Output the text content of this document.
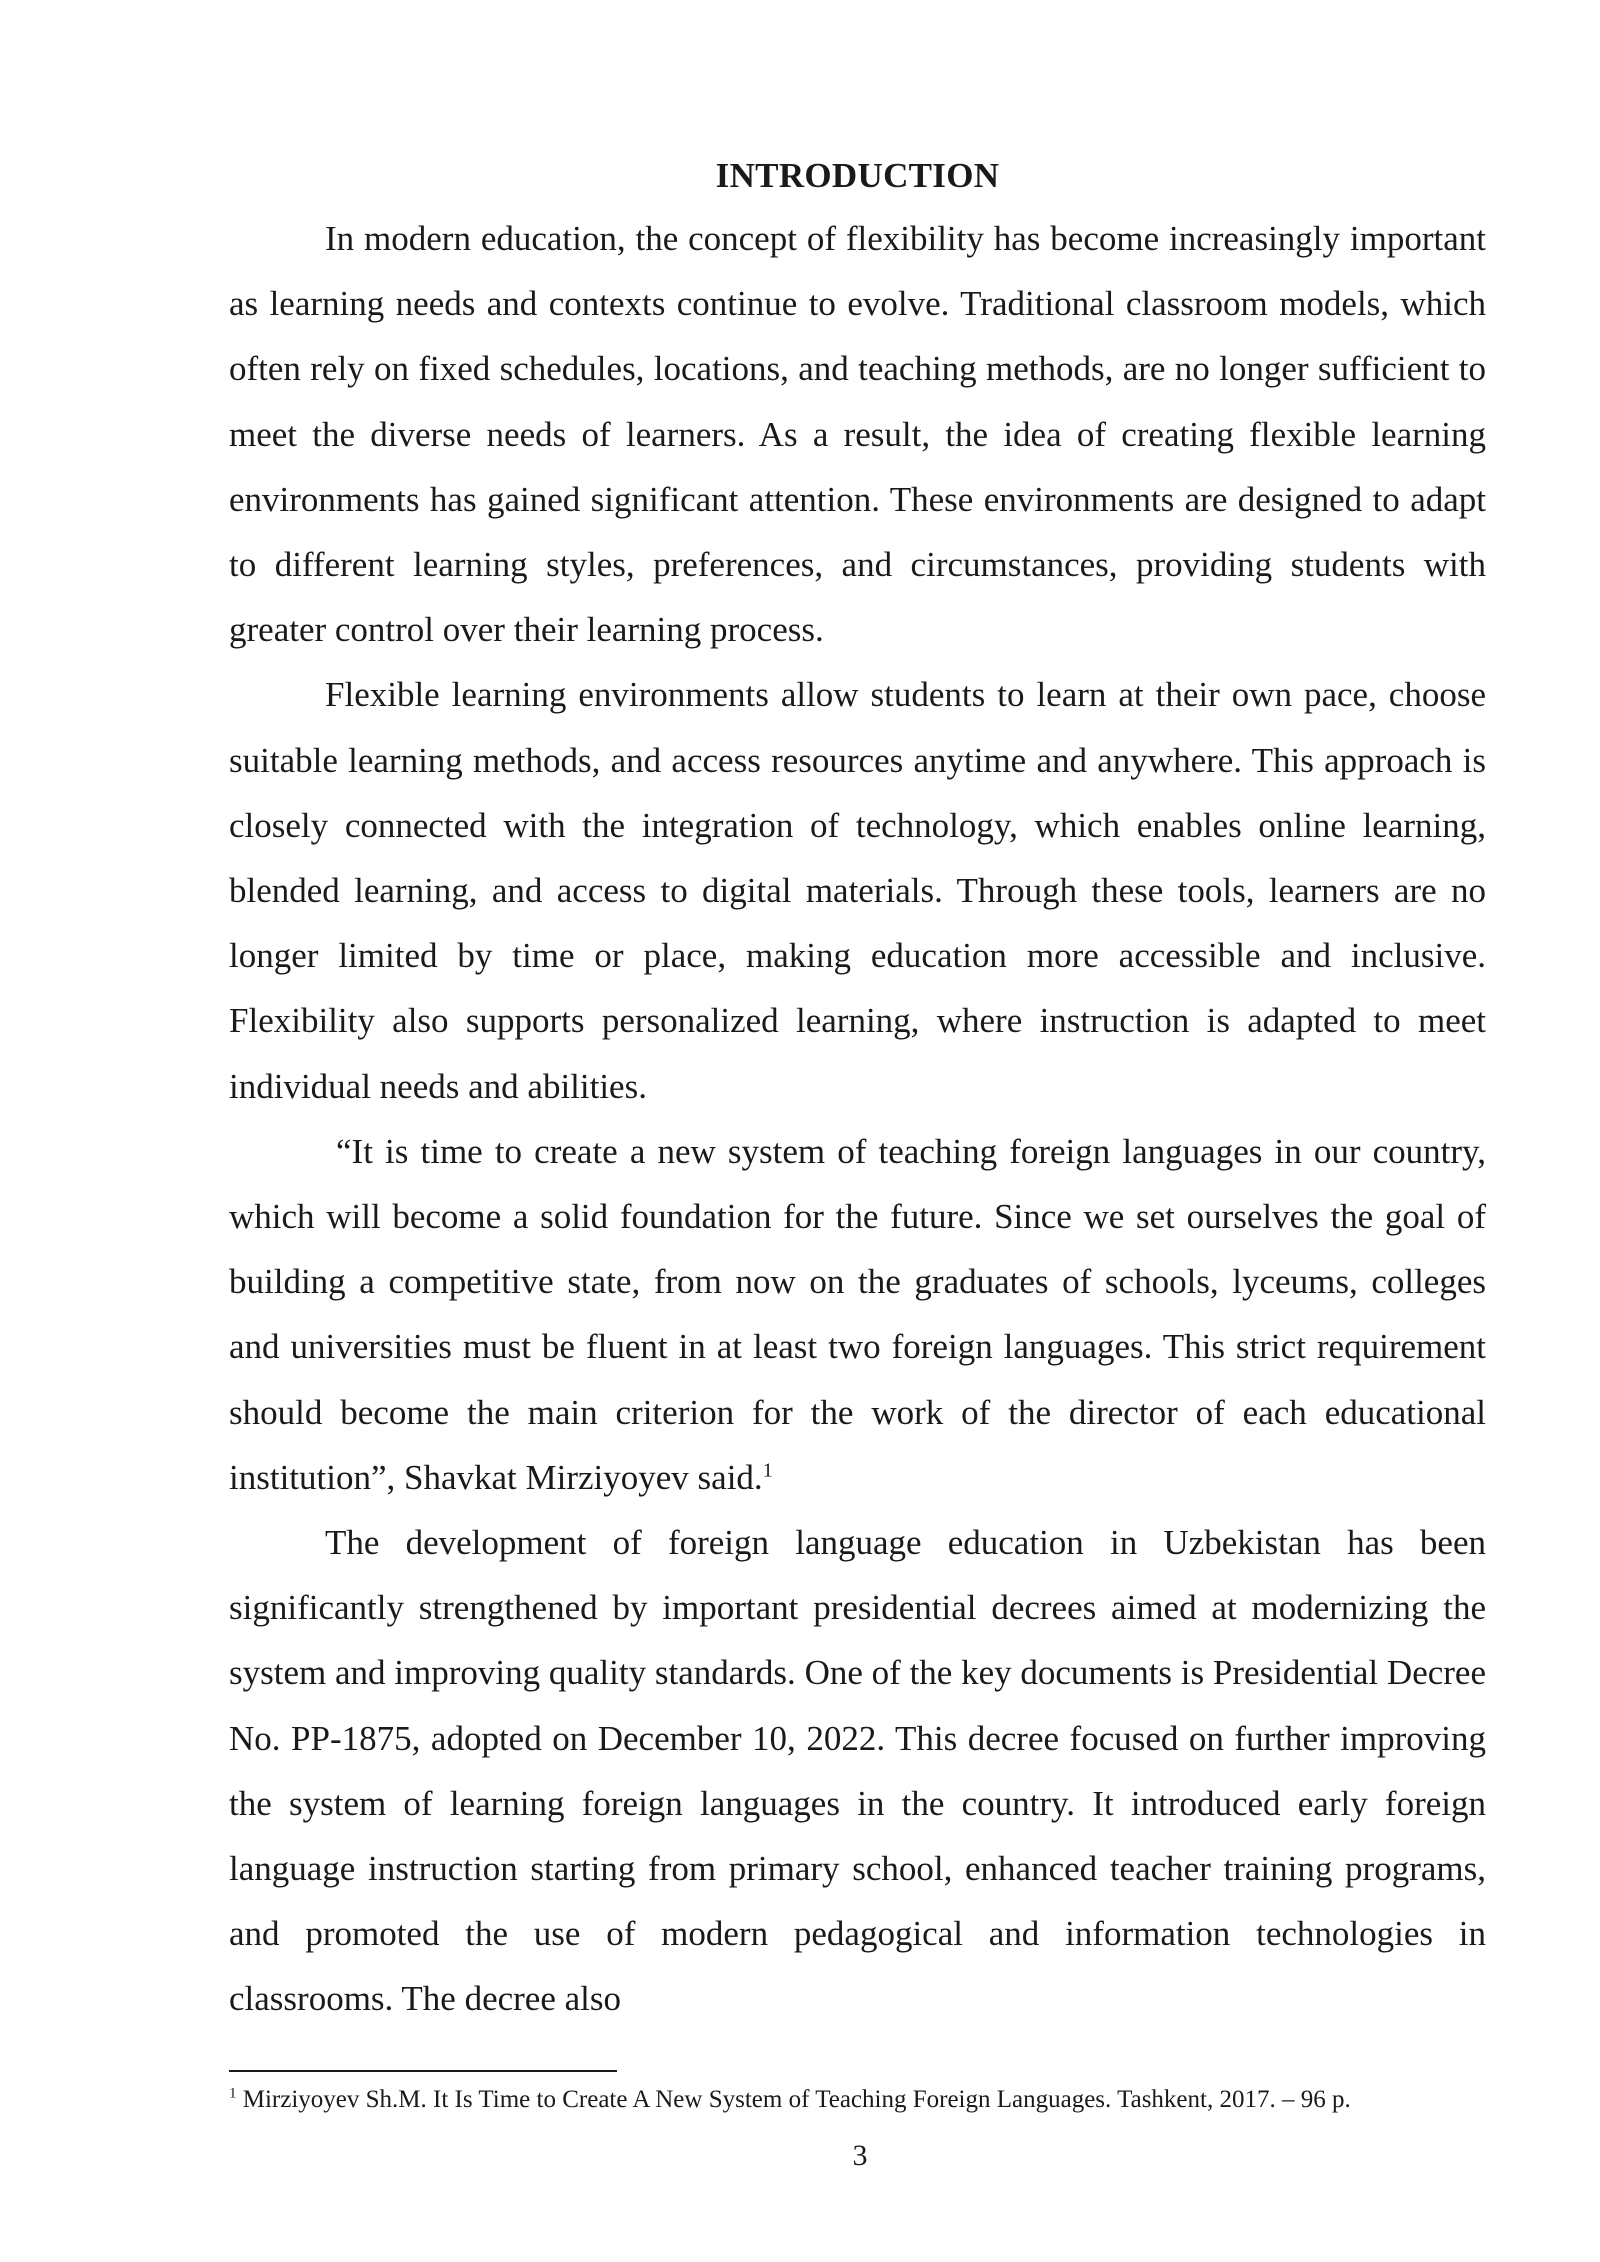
INTRODUCTION

In modern education, the concept of flexibility has become increasingly important as learning needs and contexts continue to evolve. Traditional classroom models, which often rely on fixed schedules, locations, and teaching methods, are no longer sufficient to meet the diverse needs of learners. As a result, the idea of creating flexible learning environments has gained significant attention. These environments are designed to adapt to different learning styles, preferences, and circumstances, providing students with greater control over their learning process.

Flexible learning environments allow students to learn at their own pace, choose suitable learning methods, and access resources anytime and anywhere. This approach is closely connected with the integration of technology, which enables online learning, blended learning, and access to digital materials. Through these tools, learners are no longer limited by time or place, making education more accessible and inclusive. Flexibility also supports personalized learning, where instruction is adapted to meet individual needs and abilities.

“It is time to create a new system of teaching foreign languages in our country, which will become a solid foundation for the future. Since we set ourselves the goal of building a competitive state, from now on the graduates of schools, lyceums, colleges and universities must be fluent in at least two foreign languages. This strict requirement should become the main criterion for the work of the director of each educational institution”, Shavkat Mirziyoyev said.$^1$

The development of foreign language education in Uzbekistan has been significantly strengthened by important presidential decrees aimed at modernizing the system and improving quality standards. One of the key documents is Presidential Decree No. PP-1875, adopted on December 10, 2022. This decree focused on further improving the system of learning foreign languages in the country. It introduced early foreign language instruction starting from primary school, enhanced teacher training programs, and promoted the use of modern pedagogical and information technologies in classrooms. The decree also

$^1$ Mirziyoyev Sh.M. It Is Time to Create A New System of Teaching Foreign Languages. Tashkent, 2017. – 96 p.
3
